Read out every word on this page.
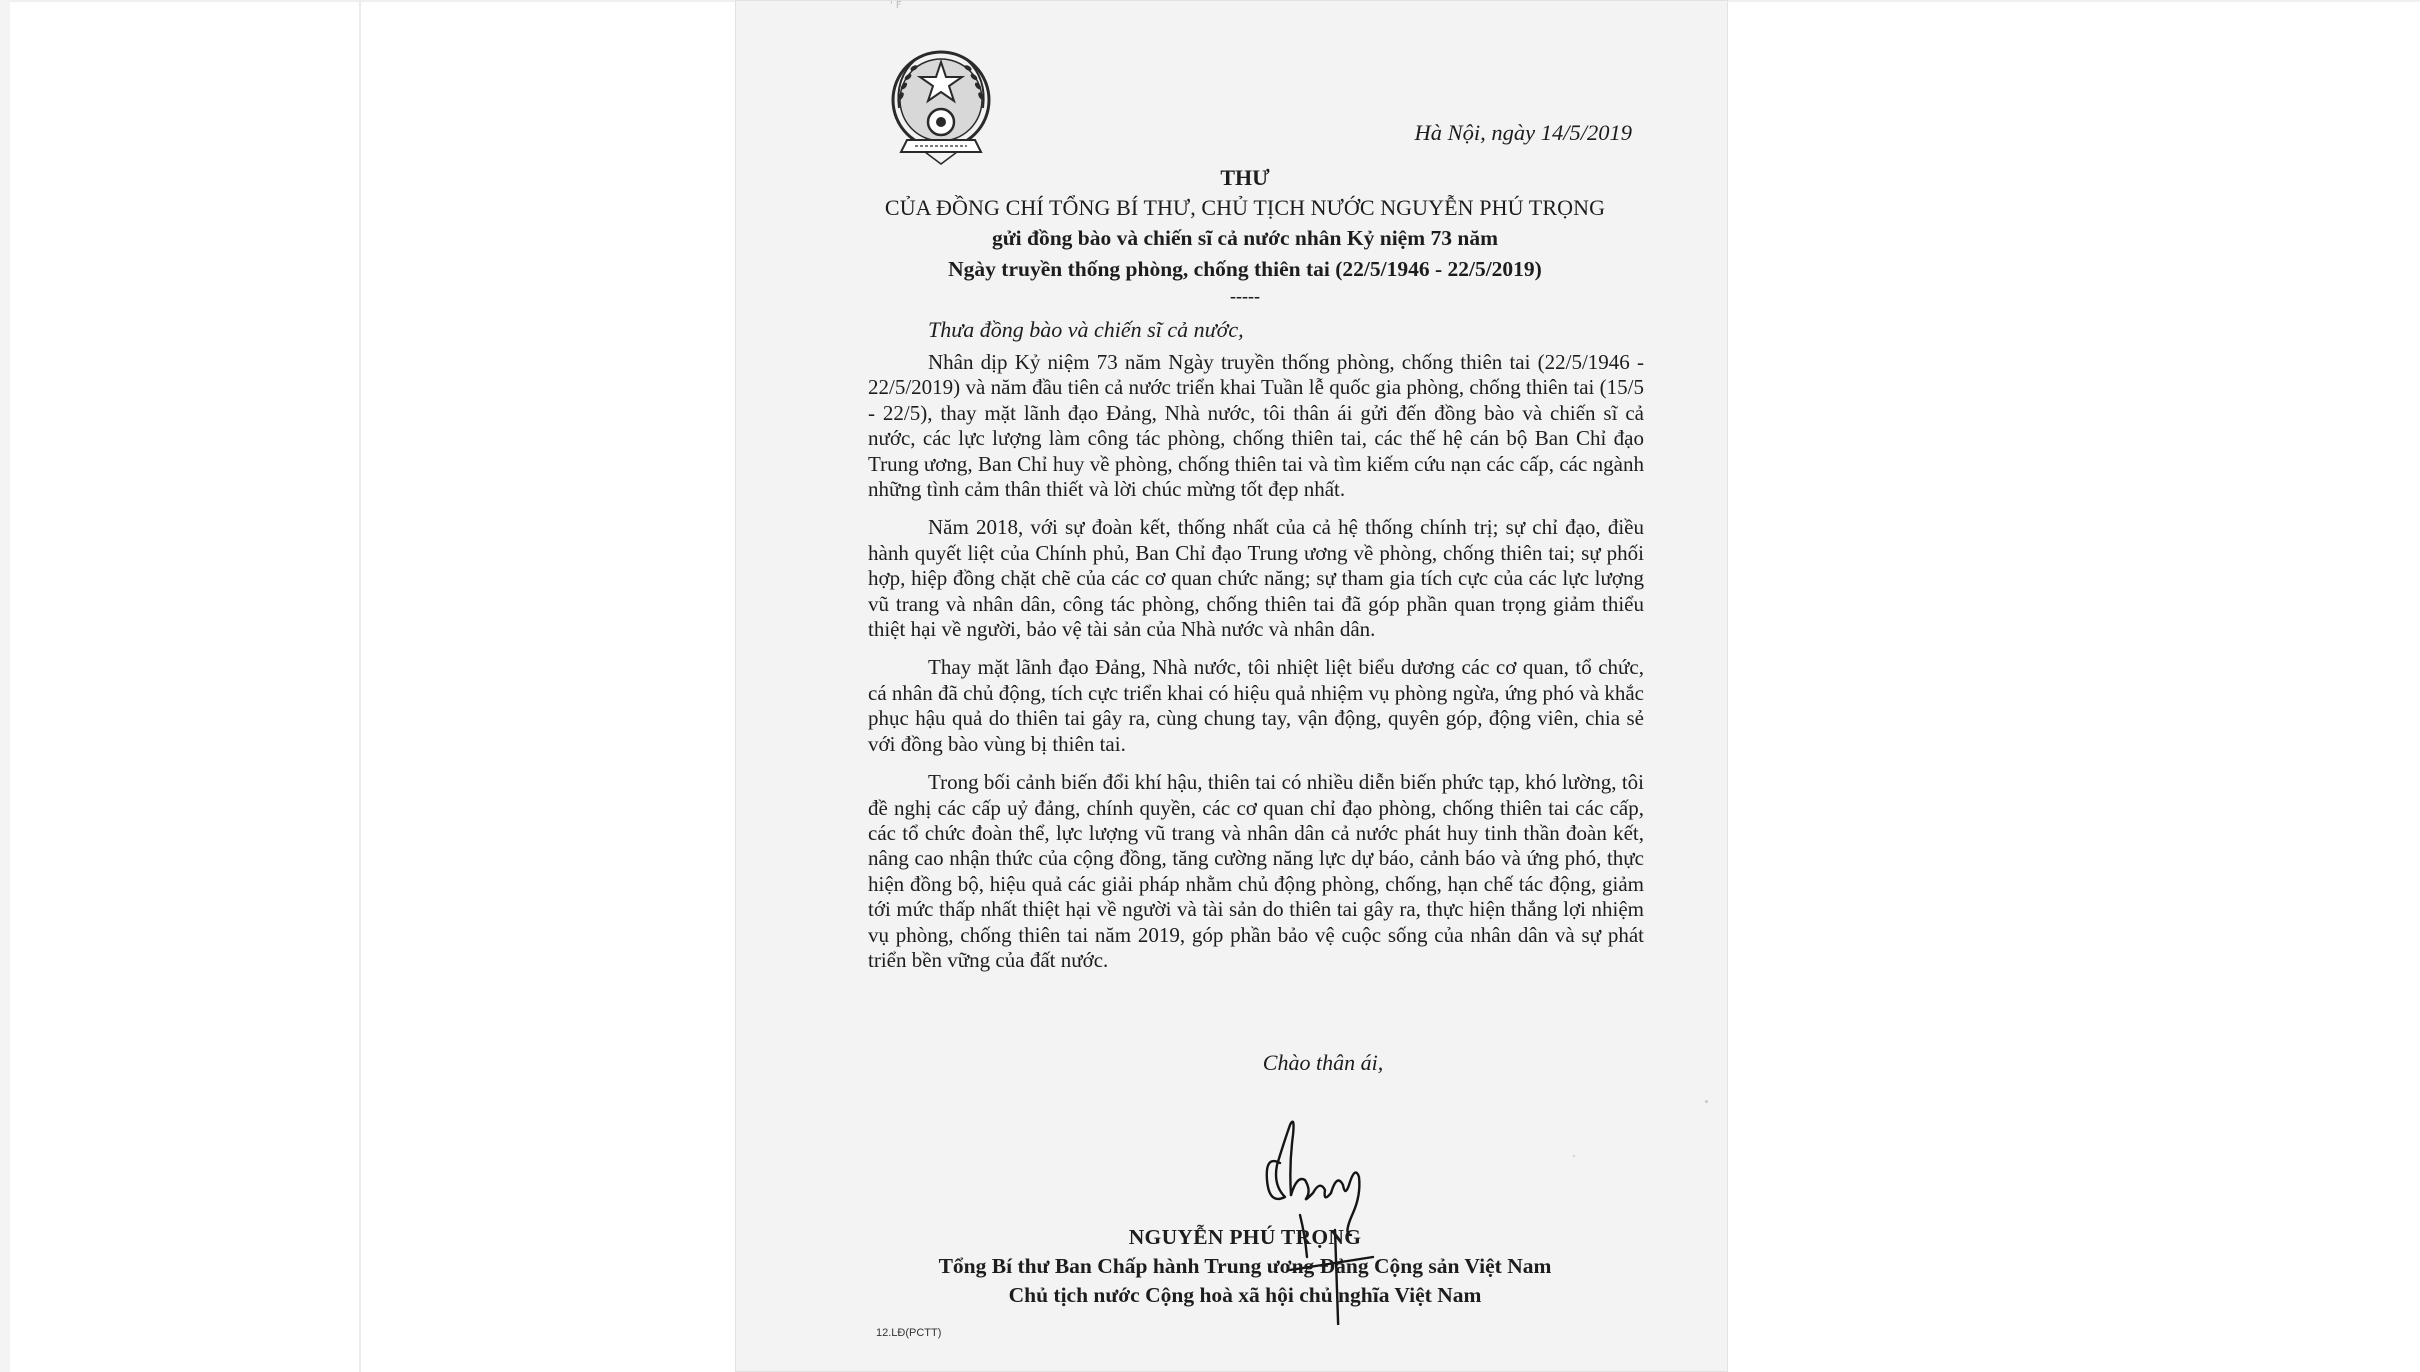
' F
Hà Nội, ngày 14/5/2019
THƯ
CỦA ĐỒNG CHÍ TỔNG BÍ THƯ, CHỦ TỊCH NƯỚC NGUYỄN PHÚ TRỌNG
gửi đồng bào và chiến sĩ cả nước nhân Kỷ niệm 73 năm
Ngày truyền thống phòng, chống thiên tai (22/5/1946 - 22/5/2019)
-----
Thưa đồng bào và chiến sĩ cả nước,

Nhân dịp Kỷ niệm 73 năm Ngày truyền thống phòng, chống thiên tai (22/5/1946 - 22/5/2019) và năm đầu tiên cả nước triển khai Tuần lễ quốc gia phòng, chống thiên tai (15/5 - 22/5), thay mặt lãnh đạo Đảng, Nhà nước, tôi thân ái gửi đến đồng bào và chiến sĩ cả nước, các lực lượng làm công tác phòng, chống thiên tai, các thế hệ cán bộ Ban Chỉ đạo Trung ương, Ban Chỉ huy về phòng, chống thiên tai và tìm kiếm cứu nạn các cấp, các ngành những tình cảm thân thiết và lời chúc mừng tốt đẹp nhất.

Năm 2018, với sự đoàn kết, thống nhất của cả hệ thống chính trị; sự chỉ đạo, điều hành quyết liệt của Chính phủ, Ban Chỉ đạo Trung ương về phòng, chống thiên tai; sự phối hợp, hiệp đồng chặt chẽ của các cơ quan chức năng; sự tham gia tích cực của các lực lượng vũ trang và nhân dân, công tác phòng, chống thiên tai đã góp phần quan trọng giảm thiểu thiệt hại về người, bảo vệ tài sản của Nhà nước và nhân dân.

Thay mặt lãnh đạo Đảng, Nhà nước, tôi nhiệt liệt biểu dương các cơ quan, tổ chức, cá nhân đã chủ động, tích cực triển khai có hiệu quả nhiệm vụ phòng ngừa, ứng phó và khắc phục hậu quả do thiên tai gây ra, cùng chung tay, vận động, quyên góp, động viên, chia sẻ với đồng bào vùng bị thiên tai.

Trong bối cảnh biến đổi khí hậu, thiên tai có nhiều diễn biến phức tạp, khó lường, tôi đề nghị các cấp uỷ đảng, chính quyền, các cơ quan chỉ đạo phòng, chống thiên tai các cấp, các tổ chức đoàn thể, lực lượng vũ trang và nhân dân cả nước phát huy tinh thần đoàn kết, nâng cao nhận thức của cộng đồng, tăng cường năng lực dự báo, cảnh báo và ứng phó, thực hiện đồng bộ, hiệu quả các giải pháp nhằm chủ động phòng, chống, hạn chế tác động, giảm tới mức thấp nhất thiệt hại về người và tài sản do thiên tai gây ra, thực hiện thắng lợi nhiệm vụ phòng, chống thiên tai năm 2019, góp phần bảo vệ cuộc sống của nhân dân và sự phát triển bền vững của đất nước.

Chào thân ái,
NGUYỄN PHÚ TRỌNG
Tổng Bí thư Ban Chấp hành Trung ương Đảng Cộng sản Việt Nam
Chủ tịch nước Cộng hoà xã hội chủ nghĩa Việt Nam
12.LĐ(PCTT)
